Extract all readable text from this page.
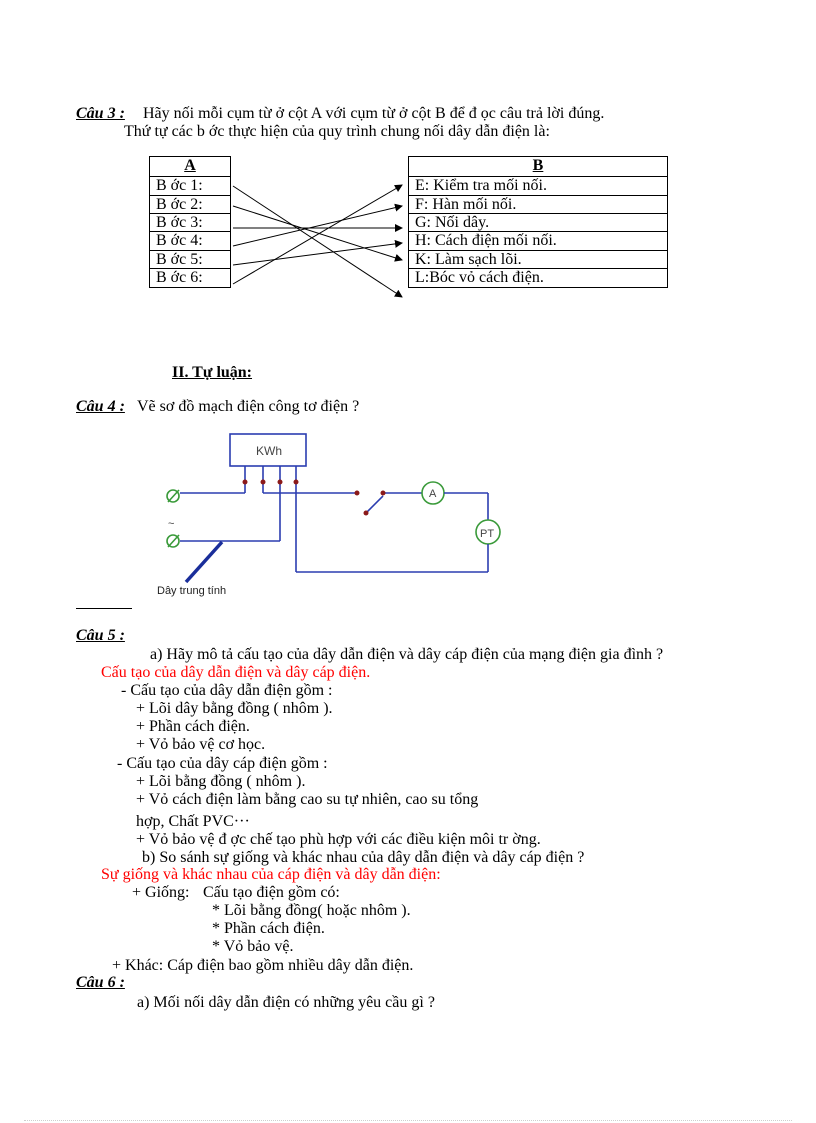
Câu 3 : Hãy nối mỗi cụm từ ở cột A với cụm từ ở cột B để đ ọc câu trả lời đúng.
Thứ tự các b ớc thực hiện của quy trình chung nối dây dẫn điện là:
A
B ớc 1:
B ớc 2:
B ớc 3:
B ớc 4:
B ớc 5:
B ớc 6:
B
E: Kiểm tra mối nối.
F: Hàn mối nối.
G: Nối dây.
H: Cách điện mối nối.
K: Làm sạch lõi.
L:Bóc vỏ cách điện.
II. Tự luận:
Câu 4 : Vẽ sơ đồ mạch điện công tơ điện ?
KWh
A
PT
~
Dây trung tính
Câu 5 :
a) Hãy mô tả cấu tạo của dây dẫn điện và dây cáp điện của mạng điện gia đình ?
Cấu tạo của dây dẫn điện và dây cáp điện.
- Cấu tạo của dây dẫn điện gồm :
+ Lõi dây bằng đồng ( nhôm ).
+ Phần cách điện.
+ Vỏ bảo vệ cơ học.
- Cấu tạo của dây cáp điện gồm :
+ Lõi bằng đồng ( nhôm ).
+ Vỏ cách điện làm bằng cao su tự nhiên, cao su tổng
hợp, Chất PVC···
+ Vỏ bảo vệ đ ợc chế tạo phù hợp với các điều kiện môi tr ờng.
b) So sánh sự giống và khác nhau của dây dẫn điện và dây cáp điện ?
Sự giống và khác nhau của cáp điện và dây dẫn điện:
+ Giống: Cấu tạo điện gồm có:
* Lõi bằng đồng( hoặc nhôm ).
* Phần cách điện.
* Vỏ bảo vệ.
+ Khác: Cáp điện bao gồm nhiều dây dẫn điện.
Câu 6 :
a) Mối nối dây dẫn điện có những yêu cầu gì ?
